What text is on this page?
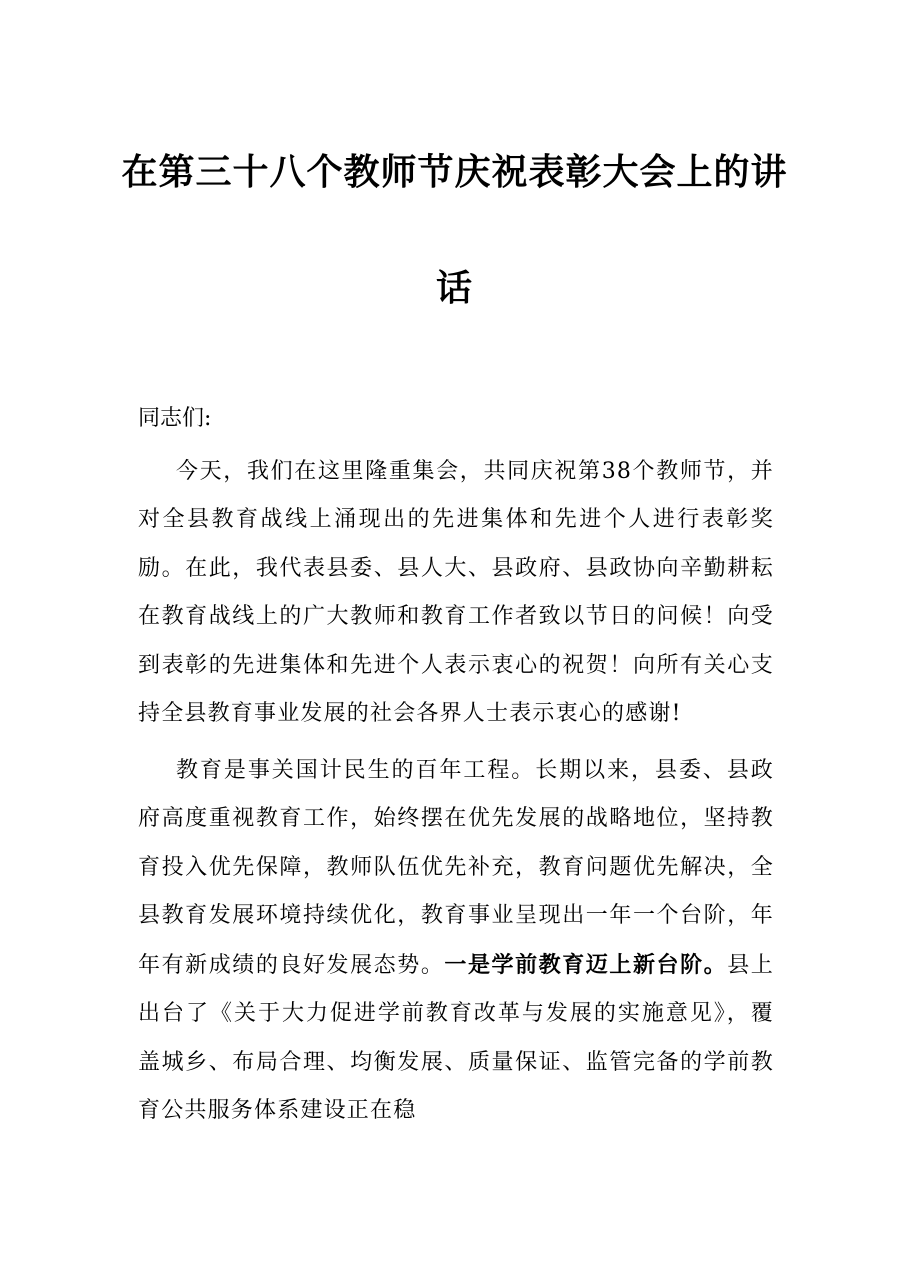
在第三十八个教师节庆祝表彰大会上的讲
话

同志们:

今天，我们在这里隆重集会，共同庆祝第38个教师节，并对全县教育战线上涌现出的先进集体和先进个人进行表彰奖励。在此，我代表县委、县人大、县政府、县政协向辛勤耕耘在教育战线上的广大教师和教育工作者致以节日的问候！向受到表彰的先进集体和先进个人表示衷心的祝贺！向所有关心支持全县教育事业发展的社会各界人士表示衷心的感谢!

教育是事关国计民生的百年工程。长期以来，县委、县政府高度重视教育工作，始终摆在优先发展的战略地位，坚持教育投入优先保障，教师队伍优先补充，教育问题优先解决，全县教育发展环境持续优化，教育事业呈现出一年一个台阶，年年有新成绩的良好发展态势。一是学前教育迈上新台阶。县上出台了《关于大力促进学前教育改革与发展的实施意见》，覆盖城乡、布局合理、均衡发展、质量保证、监管完备的学前教育公共服务体系建设正在稳
